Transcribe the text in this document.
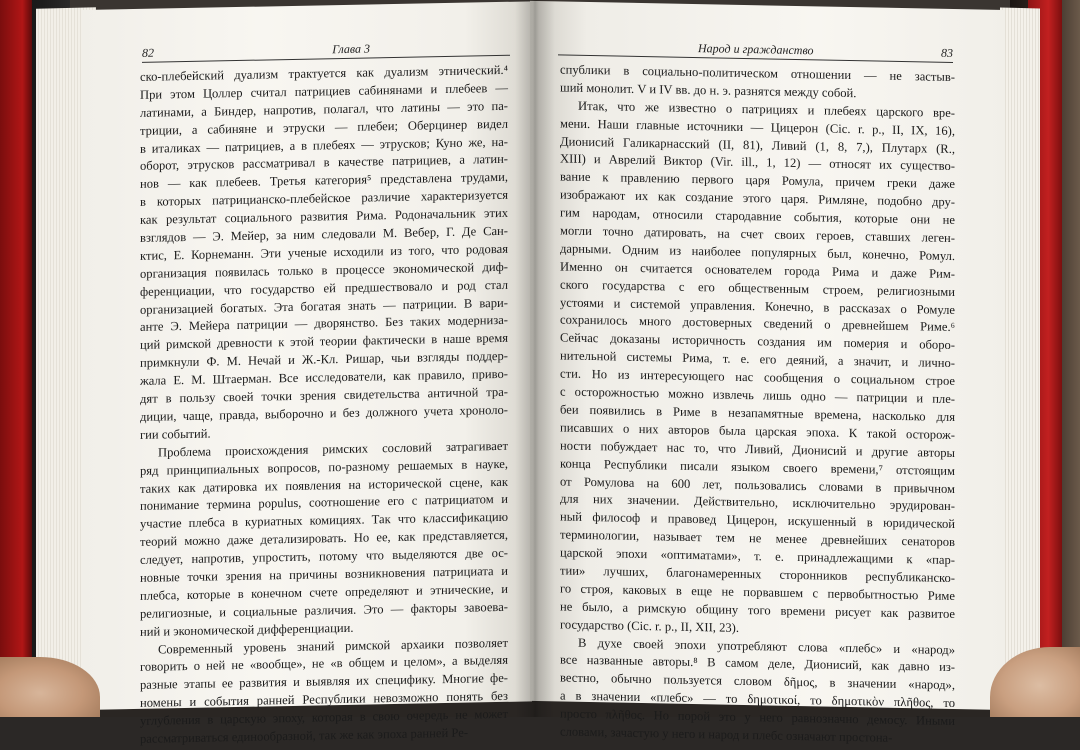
82	Глава 3
ско-плебейский дуализм трактуется как дуализм этнический.⁴
При этом Цоллер считал патрициев сабинянами и плебеев —
латинами, а Биндер, напротив, полагал, что латины — это па-
триции, а сабиняне и этруски — плебеи; Оберцинер видел
в италиках — патрициев, а в плебеях — этрусков; Куно же, на-
оборот, этрусков рассматривал в качестве патрициев, а латин-
нов — как плебеев. Третья категория⁵ представлена трудами,
в которых патрицианско-плебейское различие характеризуется
как результат социального развития Рима. Родоначальник этих
взглядов — Э. Мейер, за ним следовали М. Вебер, Г. Де Сан-
ктис, Е. Корнеманн. Эти ученые исходили из того, что родовая
организация появилась только в процессе экономической диф-
ференциации, что государство ей предшествовало и род стал
организацией богатых. Эта богатая знать — патриции. В вари-
анте Э. Мейера патриции — дворянство. Без таких модерниза-
ций римской древности к этой теории фактически в наше время
примкнули Ф. М. Нечай и Ж.-Кл. Ришар, чьи взгляды поддер-
жала Е. М. Штаерман. Все исследователи, как правило, приво-
дят в пользу своей точки зрения свидетельства античной тра-
диции, чаще, правда, выборочно и без должного учета хроноло-
гии событий.
Проблема происхождения римских сословий затрагивает
ряд принципиальных вопросов, по-разному решаемых в науке,
таких как датировка их появления на исторической сцене, как
понимание термина populus, соотношение его с патрициатом и
участие плебса в куриатных комициях. Так что классификацию
теорий можно даже детализировать. Но ее, как представляется,
следует, напротив, упростить, потому что выделяются две ос-
новные точки зрения на причины возникновения патрициата и
плебса, которые в конечном счете определяют и этнические, и
религиозные, и социальные различия. Это — факторы завоева-
ний и экономической дифференциации.
Современный уровень знаний римской архаики позволяет
говорить о ней не «вообще», не «в общем и целом», а выделяя
разные этапы ее развития и выявляя их специфику. Многие фе-
номены и события ранней Республики невозможно понять без
углубления в царскую эпоху, которая в свою очередь не может
рассматриваться единообразной, так же как эпоха ранней Ре-
Народ и гражданство	83
спублики в социально-политическом отношении — не застыв-
ший монолит. V и IV вв. до н. э. разнятся между собой.
Итак, что же известно о патрициях и плебеях царского вре-
мени. Наши главные источники — Цицерон (Cic. r. p., II, IX, 16),
Дионисий Галикарнасский (II, 81), Ливий (1, 8, 7,), Плутарх (R.,
XIII) и Аврелий Виктор (Vir. ill., 1, 12) — относят их существо-
вание к правлению первого царя Ромула, причем греки даже
изображают их как создание этого царя. Римляне, подобно дру-
гим народам, относили стародавние события, которые они не
могли точно датировать, на счет своих героев, ставших леген-
дарными. Одним из наиболее популярных был, конечно, Ромул.
Именно он считается основателем города Рима и даже Рим-
ского государства с его общественным строем, религиозными
устоями и системой управления. Конечно, в рассказах о Ромуле
сохранилось много достоверных сведений о древнейшем Риме.⁶
Сейчас доказаны историчность создания им померия и оборо-
нительной системы Рима, т. е. его деяний, а значит, и лично-
сти. Но из интересующего нас сообщения о социальном строе
с осторожностью можно извлечь лишь одно — патриции и пле-
беи появились в Риме в незапамятные времена, насколько для
писавших о них авторов была царская эпоха. К такой осторож-
ности побуждает нас то, что Ливий, Дионисий и другие авторы
конца Республики писали языком своего времени,⁷ отстоящим
от Ромулова на 600 лет, пользовались словами в привычном
для них значении. Действительно, исключительно эрудирован-
ный философ и правовед Цицерон, искушенный в юридической
терминологии, называет тем не менее древнейших сенаторов
царской эпохи «оптиматами», т. е. принадлежащими к «пар-
тии» лучших, благонамеренных сторонников республиканско-
го строя, каковых в еще не порвавшем с первобытностью Риме
не было, а римскую общину того времени рисует как развитое
государство (Cic. r. p., II, XII, 23).
В духе своей эпохи употребляют слова «плебс» и «народ»
все названные авторы.⁸ В самом деле, Дионисий, как давно из-
вестно, обычно пользуется словом δῆμος, в значении «народ»,
а в значении «плебс» — то δημοτικοί, то δημοτικὸν πλῆθος, то
просто πλῆθος. Но порой это у него равнозначно демосу. Иными
словами, зачастую у него и народ и плебс означают простона-
